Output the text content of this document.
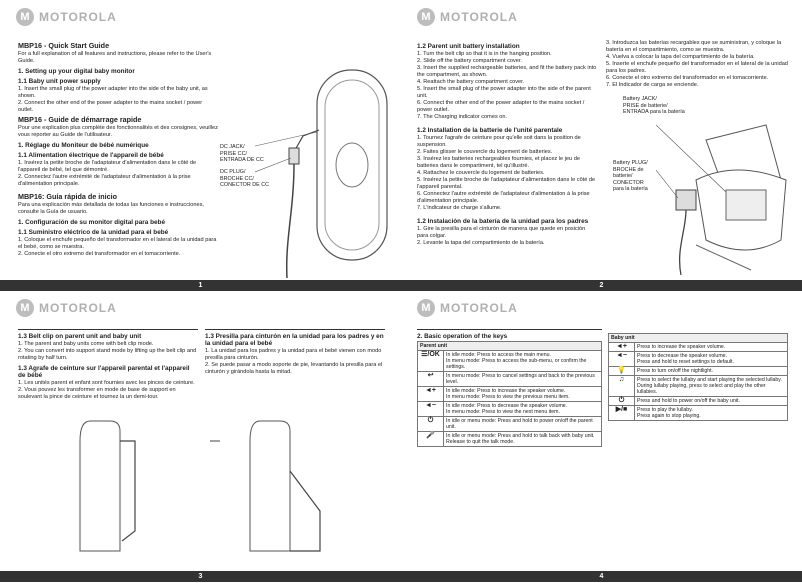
M MOTOROLA
MBP16 - Quick Start Guide
For a full explanation of all features and instructions, please refer to the User's Guide.
1. Setting up your digital baby monitor
1.1 Baby unit power supply
1. Insert the small plug of the power adapter into the side of the baby unit, as shown.
2. Connect the other end of the power adapter to the mains socket / power outlet.
MBP16 - Guide de démarrage rapide
Pour une explication plus complète des fonctionnalités et des consignes, veuillez vous reporter au Guide de l'utilisateur.
1. Réglage du Moniteur de bébé numérique
1.1 Alimentation électrique de l'appareil de bébé
1. Insérez la petite broche de l'adaptateur d'alimentation dans le côté de l'appareil de bébé, tel que démontré.
2. Connectez l'autre extrémité de l'adaptateur d'alimentation à la prise d'alimentation principale.
MBP16: Guía rápida de inicio
Para una explicación más detallada de todas las funciones e instrucciones, consulte la Guía de usuario.
1. Configuración de su monitor digital para bebé
1.1 Suministro eléctrico de la unidad para el bebé
1. Coloque el enchufe pequeño del transformador en el lateral de la unidad para el bebé, como se muestra.
2. Conecte el otro extremo del transformador en el tomacorriente.
DC JACK/
PRISE CC/
ENTRADA DE CC
DC PLUG/
BROCHE CC/
CONECTOR DE CC
1
M MOTOROLA
1.2 Parent unit battery installation
1. Turn the belt clip so that it is in the hanging position.
2. Slide off the battery compartment cover.
3. Insert the supplied rechargeable batteries, and fit the battery pack into the compartment, as shown.
4. Reattach the battery compartment cover.
5. Insert the small plug of the power adapter into the side of the parent unit.
6. Connect the other end of the power adapter to the mains socket / power outlet.
7. The Charging indicator comes on.
1.2 Installation de la batterie de l'unité parentale
1. Tournez l'agrafe de ceinture pour qu'elle soit dans la position de suspension.
2. Faites glisser le couvercle du logement de batteries.
3. Insérez les batteries rechargeables fournies, et placez le jeu de batteries dans le compartiment, tel qu'illustré.
4. Rattachez le couvercle du logement de batteries.
5. Insérez la petite broche de l'adaptateur d'alimentation dans le côté de l'appareil parental.
6. Connectez l'autre extrémité de l'adaptateur d'alimentation à la prise d'alimentation principale.
7. L'indicateur de charge s'allume.
1.2 Instalación de la batería de la unidad para los padres
1. Gire la presilla para el cinturón de manera que quede en posición para colgar.
2. Levante la tapa del compartimiento de la batería.
3. Introduzca las baterías recargables que se suministran, y coloque la batería en el compartimiento, como se muestra.
4. Vuelva a colocar la tapa del compartimiento de la batería.
5. Inserte el enchufe pequeño del transformador en el lateral de la unidad para los padres.
6. Conecte el otro extremo del transformador en el tomacorriente.
7. El Indicador de carga se enciende.
Battery JACK/
PRISE de batterie/
ENTRADA para la batería
Battery PLUG/
BROCHE de
batterie/
CONECTOR
para la batería
2
M MOTOROLA
1.3 Belt clip on parent unit and baby unit
1. The parent and baby units come with belt clip mode.
2. You can convert into support stand mode by lifting up the belt clip and rotating by half turn.
1.3 Agrafe de ceinture sur l'appareil parental et l'appareil de bébé
1. Les unités parent et enfant sont fournies avec les pinces de ceinture.
2. Vous pouvez les transformer en mode de base de support en soulevant la pince de ceinture et tournez la un demi-tour.
1.3 Presilla para cinturón en la unidad para los padres y en la unidad para el bebé
1. La unidad para los padres y la unidad para el bebé vienen con modo presilla para cinturón.
2. Se puede pasar a modo soporte de pie, levantando la presilla para el cinturón y girándola hasta la mitad.
3
M MOTOROLA
2. Basic operation of the keys
Parent unit	
☰/OK	In idle mode: Press to access the main menu.
In menu mode: Press to access the sub-menu, or confirm the settings.
↩	In menu mode: Press to cancel settings and back to the previous level.
◄+	In idle mode: Press to increase the speaker volume.
In menu mode: Press to view the previous menu item.
◄−	In idle mode: Press to decrease the speaker volume.
In menu mode: Press to view the next menu item.
⏻	In idle or menu mode: Press and hold to power on/off the parent unit.
🎤	In idle or menu mode: Press and hold to talk back with baby unit. Release to quit the talk mode.
Baby unit	
◄+	Press to increase the speaker volume.
◄−	Press to decrease the speaker volume.
Press and hold to reset settings to default.
💡	Press to turn on/off the nightlight.
♫	Press to select the lullaby and start playing the selected lullaby.
During lullaby playing, press to select and play the other lullabies.
⏻	Press and hold to power on/off the baby unit.
▶/■	Press to play the lullaby.
Press again to stop playing.
4
